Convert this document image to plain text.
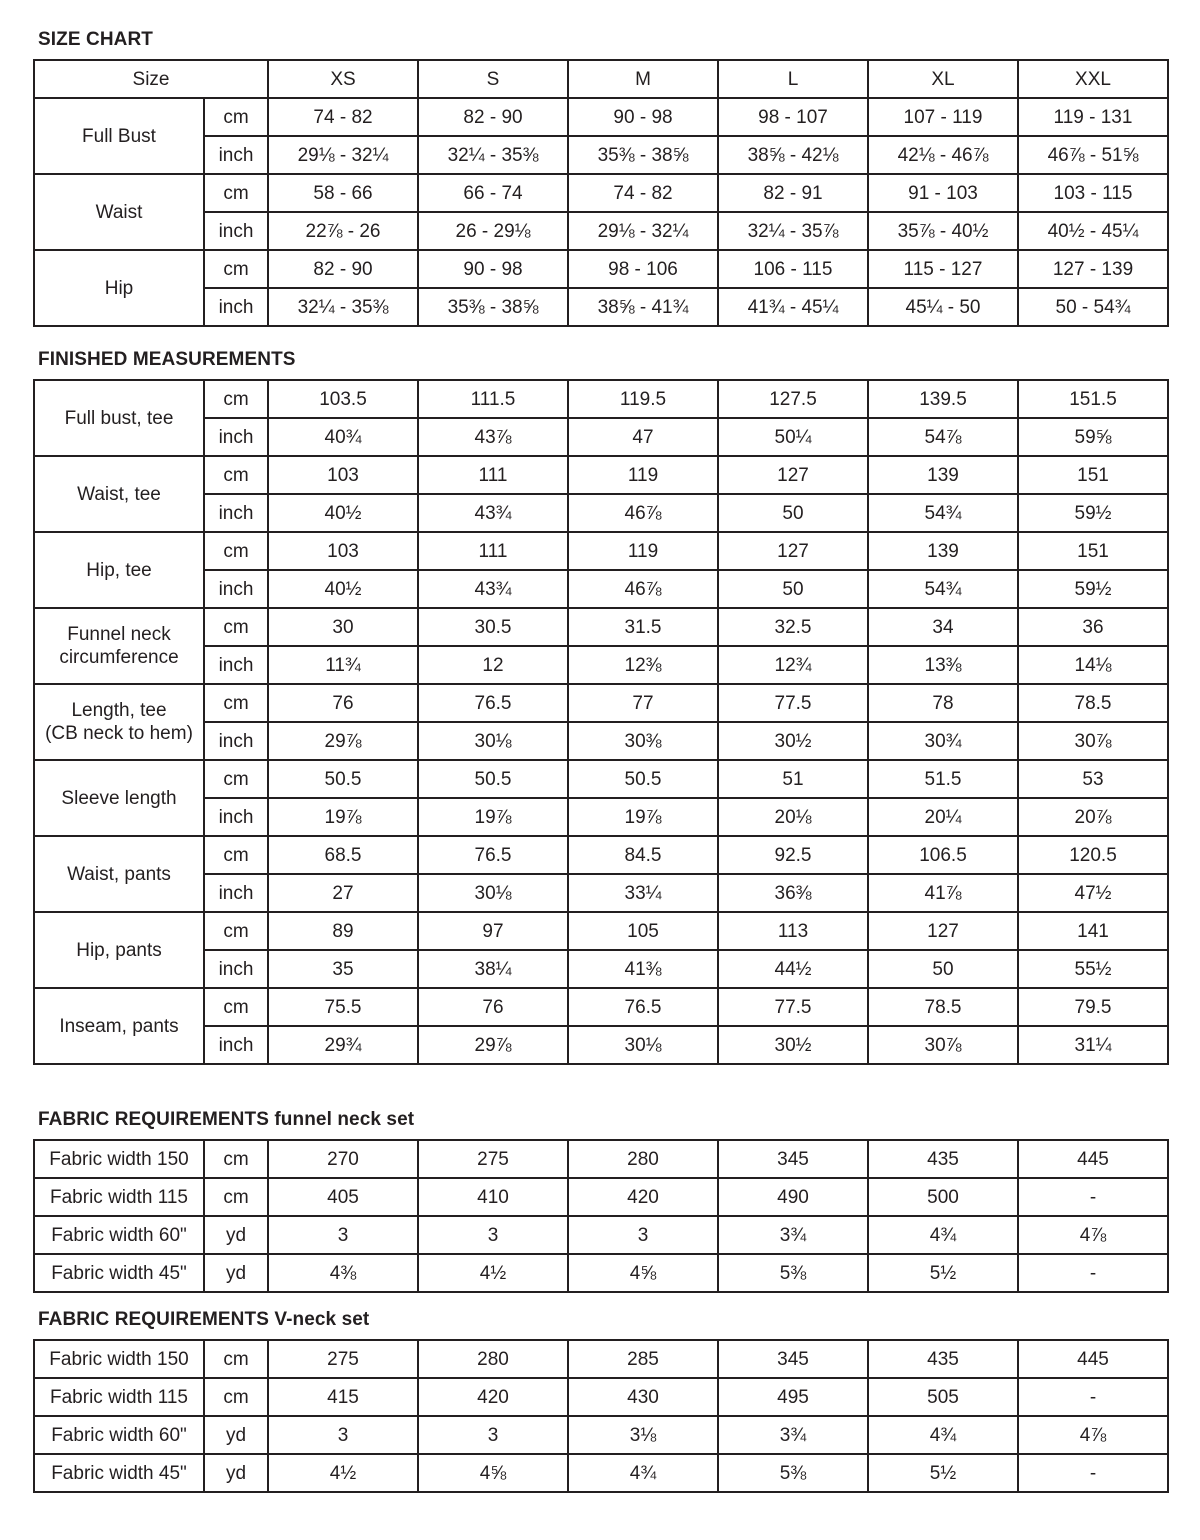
SIZE CHART
Size		XS	S	M	L	XL	XXL
Full Bust	cm	74 - 82	82 - 90	90 - 98	98 - 107	107 - 119	119 - 131
	inch	29⅛ - 32¼	32¼ - 35⅜	35⅜ - 38⅝	38⅝ - 42⅛	42⅛ - 46⅞	46⅞ - 51⅝
Waist	cm	58 - 66	66 - 74	74 - 82	82 - 91	91 - 103	103 - 115
	inch	22⅞ - 26	26 - 29⅛	29⅛ - 32¼	32¼ - 35⅞	35⅞ - 40½	40½ - 45¼
Hip	cm	82 - 90	90 - 98	98 - 106	106 - 115	115 - 127	127 - 139
	inch	32¼ - 35⅜	35⅜ - 38⅝	38⅝ - 41¾	41¾ - 45¼	45¼ - 50	50 - 54¾
FINISHED MEASUREMENTS
Full bust, tee	cm	103.5	111.5	119.5	127.5	139.5	151.5
	inch	40¾	43⅞	47	50¼	54⅞	59⅝
Waist, tee	cm	103	111	119	127	139	151
	inch	40½	43¾	46⅞	50	54¾	59½
Hip, tee	cm	103	111	119	127	139	151
	inch	40½	43¾	46⅞	50	54¾	59½

Funnel neck
circumference	cm	30	30.5	31.5	32.5	34	36
	inch	11¾	12	12⅜	12¾	13⅜	14⅛

Length, tee
(CB neck to hem)	cm	76	76.5	77	77.5	78	78.5
	inch	29⅞	30⅛	30⅜	30½	30¾	30⅞
Sleeve length	cm	50.5	50.5	50.5	51	51.5	53
	inch	19⅞	19⅞	19⅞	20⅛	20¼	20⅞
Waist, pants	cm	68.5	76.5	84.5	92.5	106.5	120.5
	inch	27	30⅛	33¼	36⅜	41⅞	47½
Hip, pants	cm	89	97	105	113	127	141
	inch	35	38¼	41⅜	44½	50	55½
Inseam, pants	cm	75.5	76	76.5	77.5	78.5	79.5
	inch	29¾	29⅞	30⅛	30½	30⅞	31¼
FABRIC REQUIREMENTS funnel neck set
Fabric width 150	cm	270	275	280	345	435	445
Fabric width 115	cm	405	410	420	490	500	-
Fabric width 60"	yd	3	3	3	3¾	4¾	4⅞
Fabric width 45"	yd	4⅜	4½	4⅝	5⅜	5½	-
FABRIC REQUIREMENTS V-neck set
Fabric width 150	cm	275	280	285	345	435	445
Fabric width 115	cm	415	420	430	495	505	-
Fabric width 60"	yd	3	3	3⅛	3¾	4¾	4⅞
Fabric width 45"	yd	4½	4⅝	4¾	5⅜	5½	-
